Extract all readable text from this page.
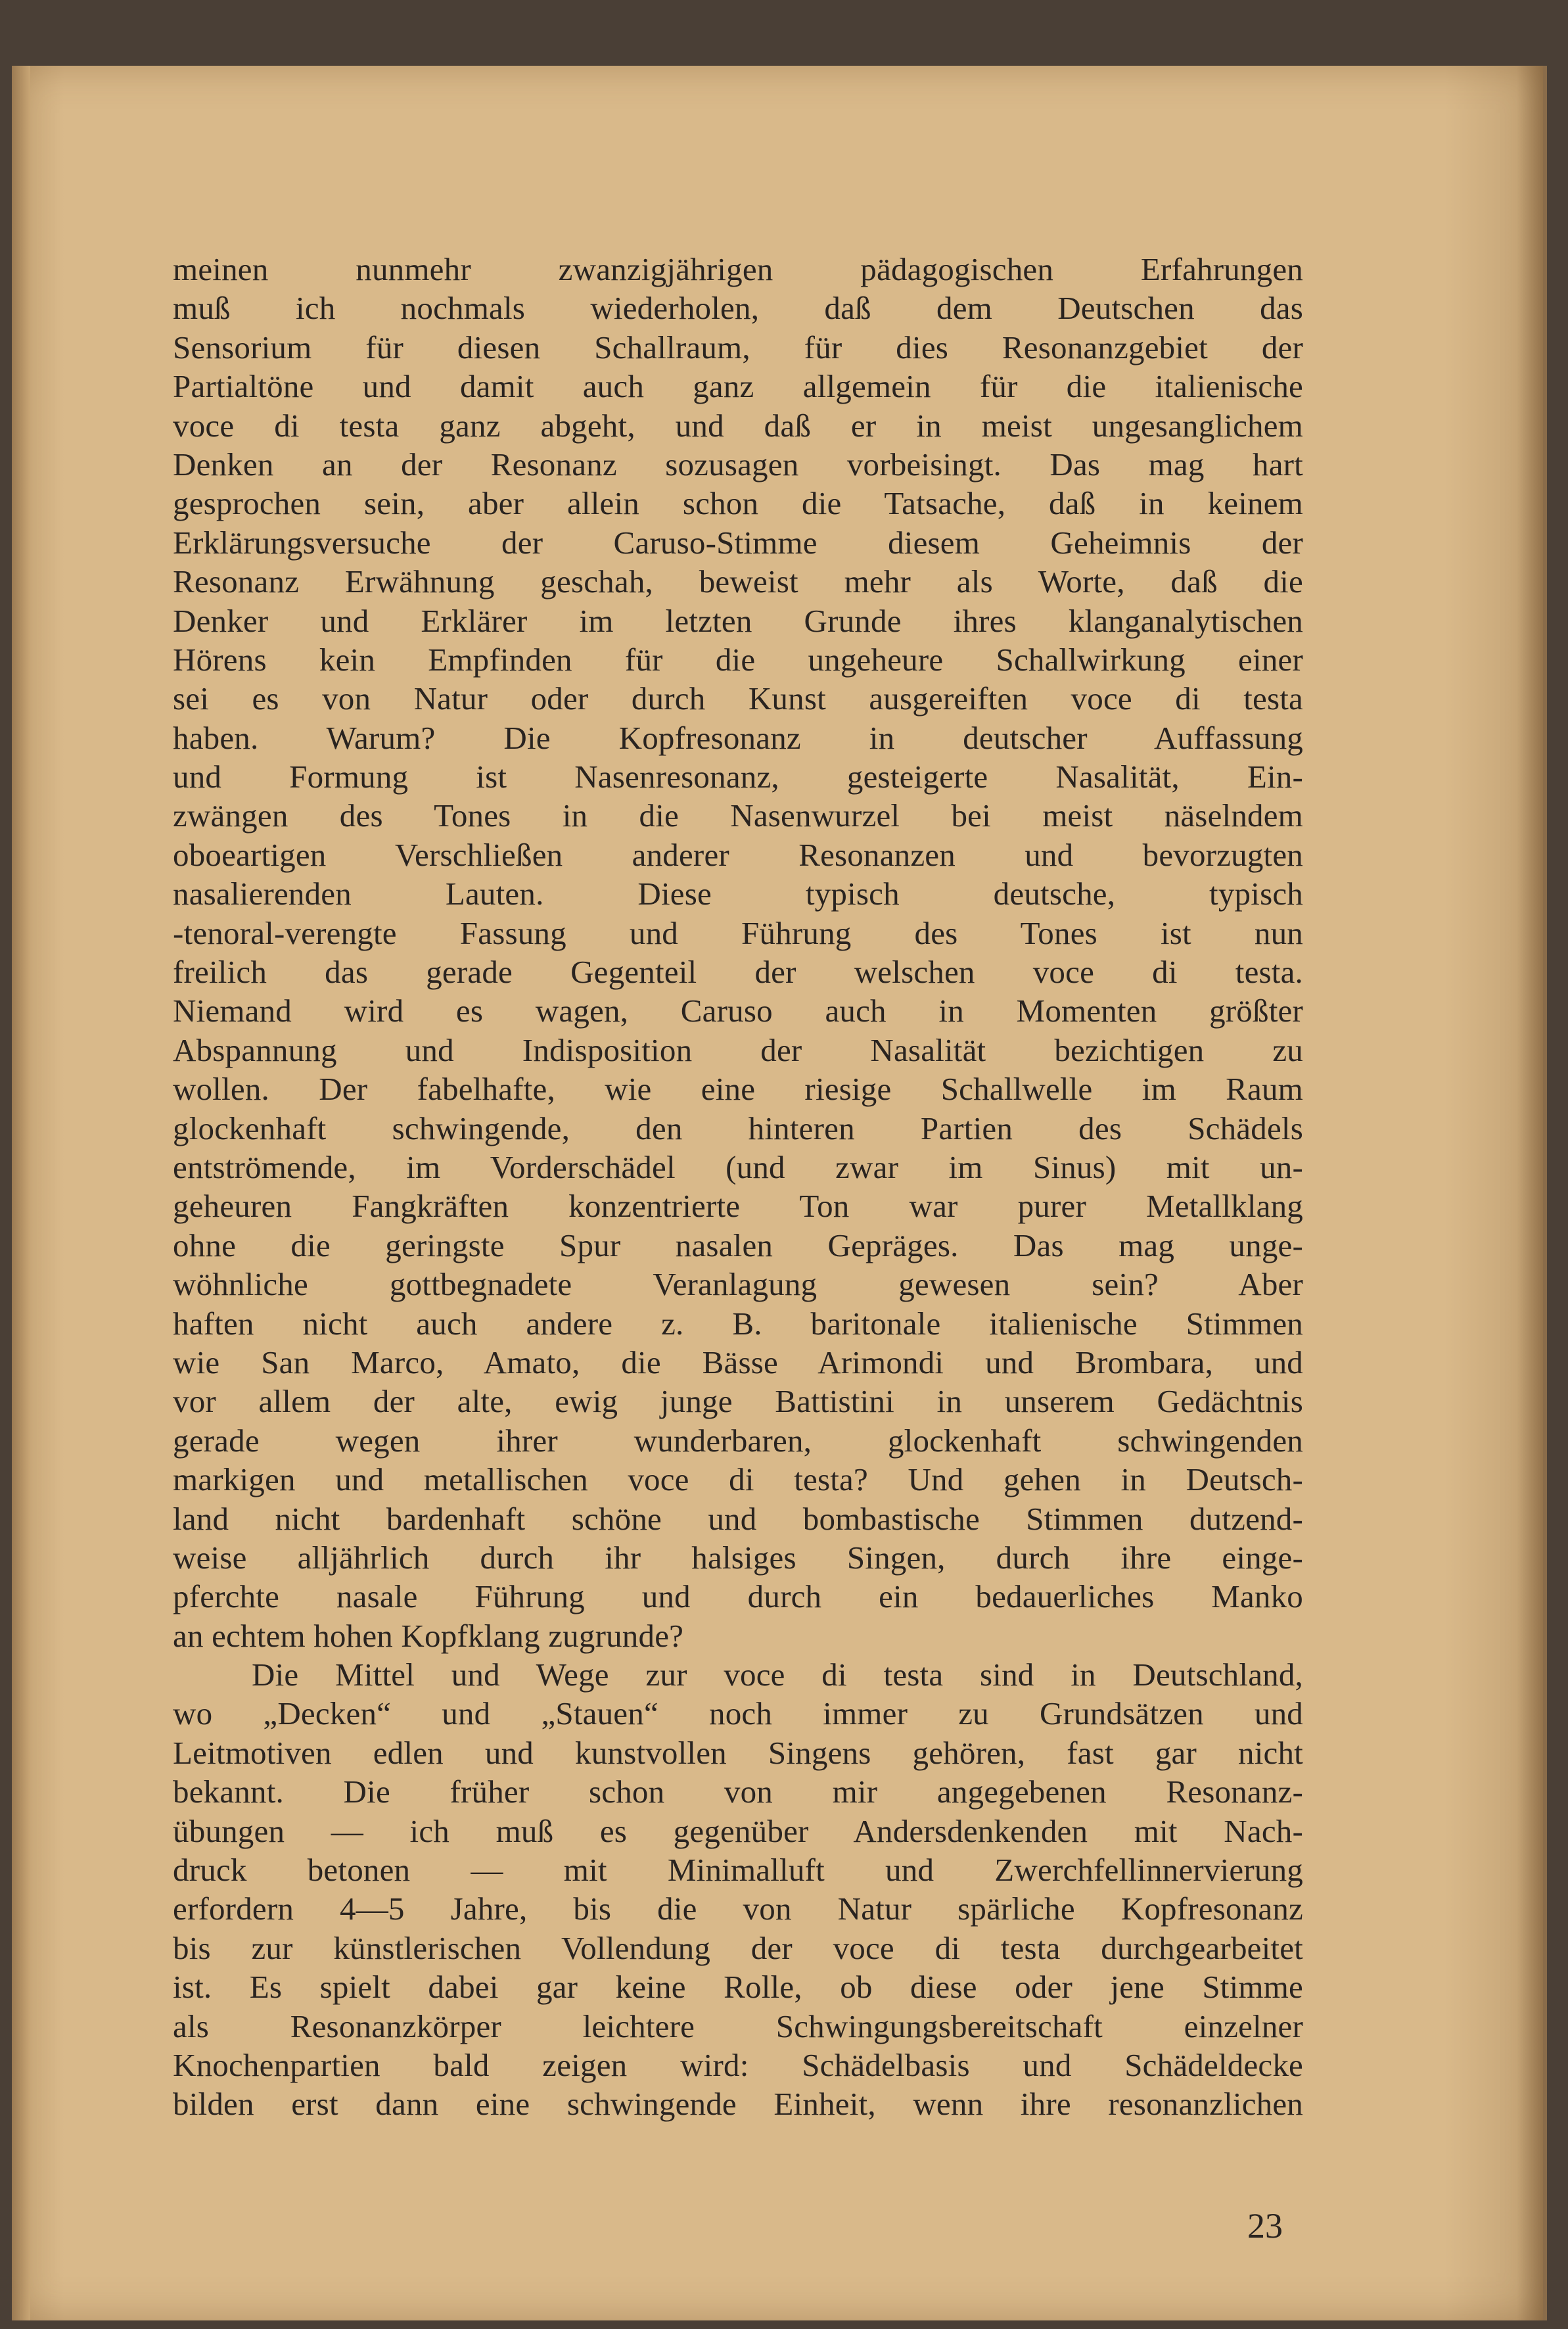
meinen nunmehr zwanzigjährigen pädagogischen Erfahrungen
muß ich nochmals wiederholen, daß dem Deutschen das
Sensorium für diesen Schallraum, für dies Resonanzgebiet der
Partialtöne und damit auch ganz allgemein für die italienische
voce di testa ganz abgeht, und daß er in meist ungesanglichem
Denken an der Resonanz sozusagen vorbeisingt. Das mag hart
gesprochen sein, aber allein schon die Tatsache, daß in keinem
Erklärungsversuche der Caruso-Stimme diesem Geheimnis der
Resonanz Erwähnung geschah, beweist mehr als Worte, daß die
Denker und Erklärer im letzten Grunde ihres klanganalytischen
Hörens kein Empfinden für die ungeheure Schallwirkung einer
sei es von Natur oder durch Kunst ausgereiften voce di testa
haben. Warum? Die Kopfresonanz in deutscher Auffassung
und Formung ist Nasenresonanz, gesteigerte Nasalität, Ein-
zwängen des Tones in die Nasenwurzel bei meist näselndem
oboeartigen Verschließen anderer Resonanzen und bevorzugten
nasalierenden Lauten. Diese typisch deutsche, typisch
-tenoral-verengte Fassung und Führung des Tones ist nun
freilich das gerade Gegenteil der welschen voce di testa.
Niemand wird es wagen, Caruso auch in Momenten größter
Abspannung und Indisposition der Nasalität bezichtigen zu
wollen. Der fabelhafte, wie eine riesige Schallwelle im Raum
glockenhaft schwingende, den hinteren Partien des Schädels
entströmende, im Vorderschädel (und zwar im Sinus) mit un-
geheuren Fangkräften konzentrierte Ton war purer Metallklang
ohne die geringste Spur nasalen Gepräges. Das mag unge-
wöhnliche gottbegnadete Veranlagung gewesen sein? Aber
haften nicht auch andere z. B. baritonale italienische Stimmen
wie San Marco, Amato, die Bässe Arimondi und Brombara, und
vor allem der alte, ewig junge Battistini in unserem Gedächtnis
gerade wegen ihrer wunderbaren, glockenhaft schwingenden
markigen und metallischen voce di testa? Und gehen in Deutsch-
land nicht bardenhaft schöne und bombastische Stimmen dutzend-
weise alljährlich durch ihr halsiges Singen, durch ihre einge-
pferchte nasale Führung und durch ein bedauerliches Manko
an echtem hohen Kopfklang zugrunde?
Die Mittel und Wege zur voce di testa sind in Deutschland,
wo „Decken“ und „Stauen“ noch immer zu Grundsätzen und
Leitmotiven edlen und kunstvollen Singens gehören, fast gar nicht
bekannt. Die früher schon von mir angegebenen Resonanz-
übungen — ich muß es gegenüber Andersdenkenden mit Nach-
druck betonen — mit Minimalluft und Zwerchfellinnervierung
erfordern 4—5 Jahre, bis die von Natur spärliche Kopfresonanz
bis zur künstlerischen Vollendung der voce di testa durchgearbeitet
ist. Es spielt dabei gar keine Rolle, ob diese oder jene Stimme
als Resonanzkörper leichtere Schwingungsbereitschaft einzelner
Knochenpartien bald zeigen wird: Schädelbasis und Schädeldecke
bilden erst dann eine schwingende Einheit, wenn ihre resonanzlichen
23
